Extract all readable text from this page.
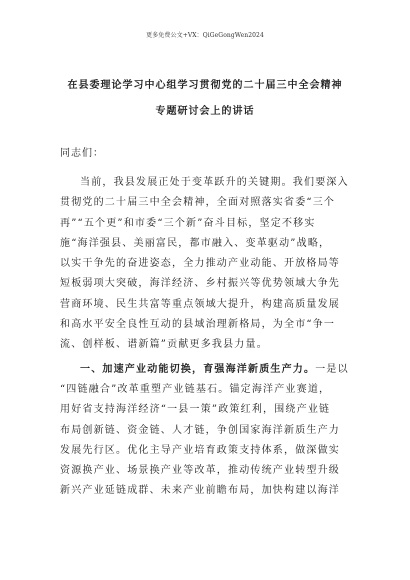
更多免费公文+VX：QiGeGongWen2024
在县委理论学习中心组学习贯彻党的二十届三中全会精神
专题研讨会上的讲话
同志们：
当前，我县发展正处于变革跃升的关键期。我们要深入
贯彻党的二十届三中全会精神，全面对照落实省委“三个
再”“五个更”和市委“三个新”奋斗目标，坚定不移实
施“海洋强县、美丽富民，都市融入、变革驱动”战略，
以实干争先的奋进姿态，全力推动产业动能、开放格局等
短板弱项大突破，海洋经济、乡村振兴等优势领域大争先
营商环境、民生共富等重点领域大提升，构建高质量发展
和高水平安全良性互动的县域治理新格局，为全市“争一
流、创样板、谱新篇”贡献更多我县力量。
一、加速产业动能切换，育强海洋新质生产力。一是以
“四链融合”改革重塑产业链基石。锚定海洋产业赛道，
用好省支持海洋经济“一县一策”政策红利，围绕产业链
布局创新链、资金链、人才链，争创国家海洋新质生产力
发展先行区。优化主导产业培育政策支持体系，做深做实
资源换产业、场景换产业等改革，推动传统产业转型升级
新兴产业延链成群、未来产业前瞻布局，加快构建以海洋
